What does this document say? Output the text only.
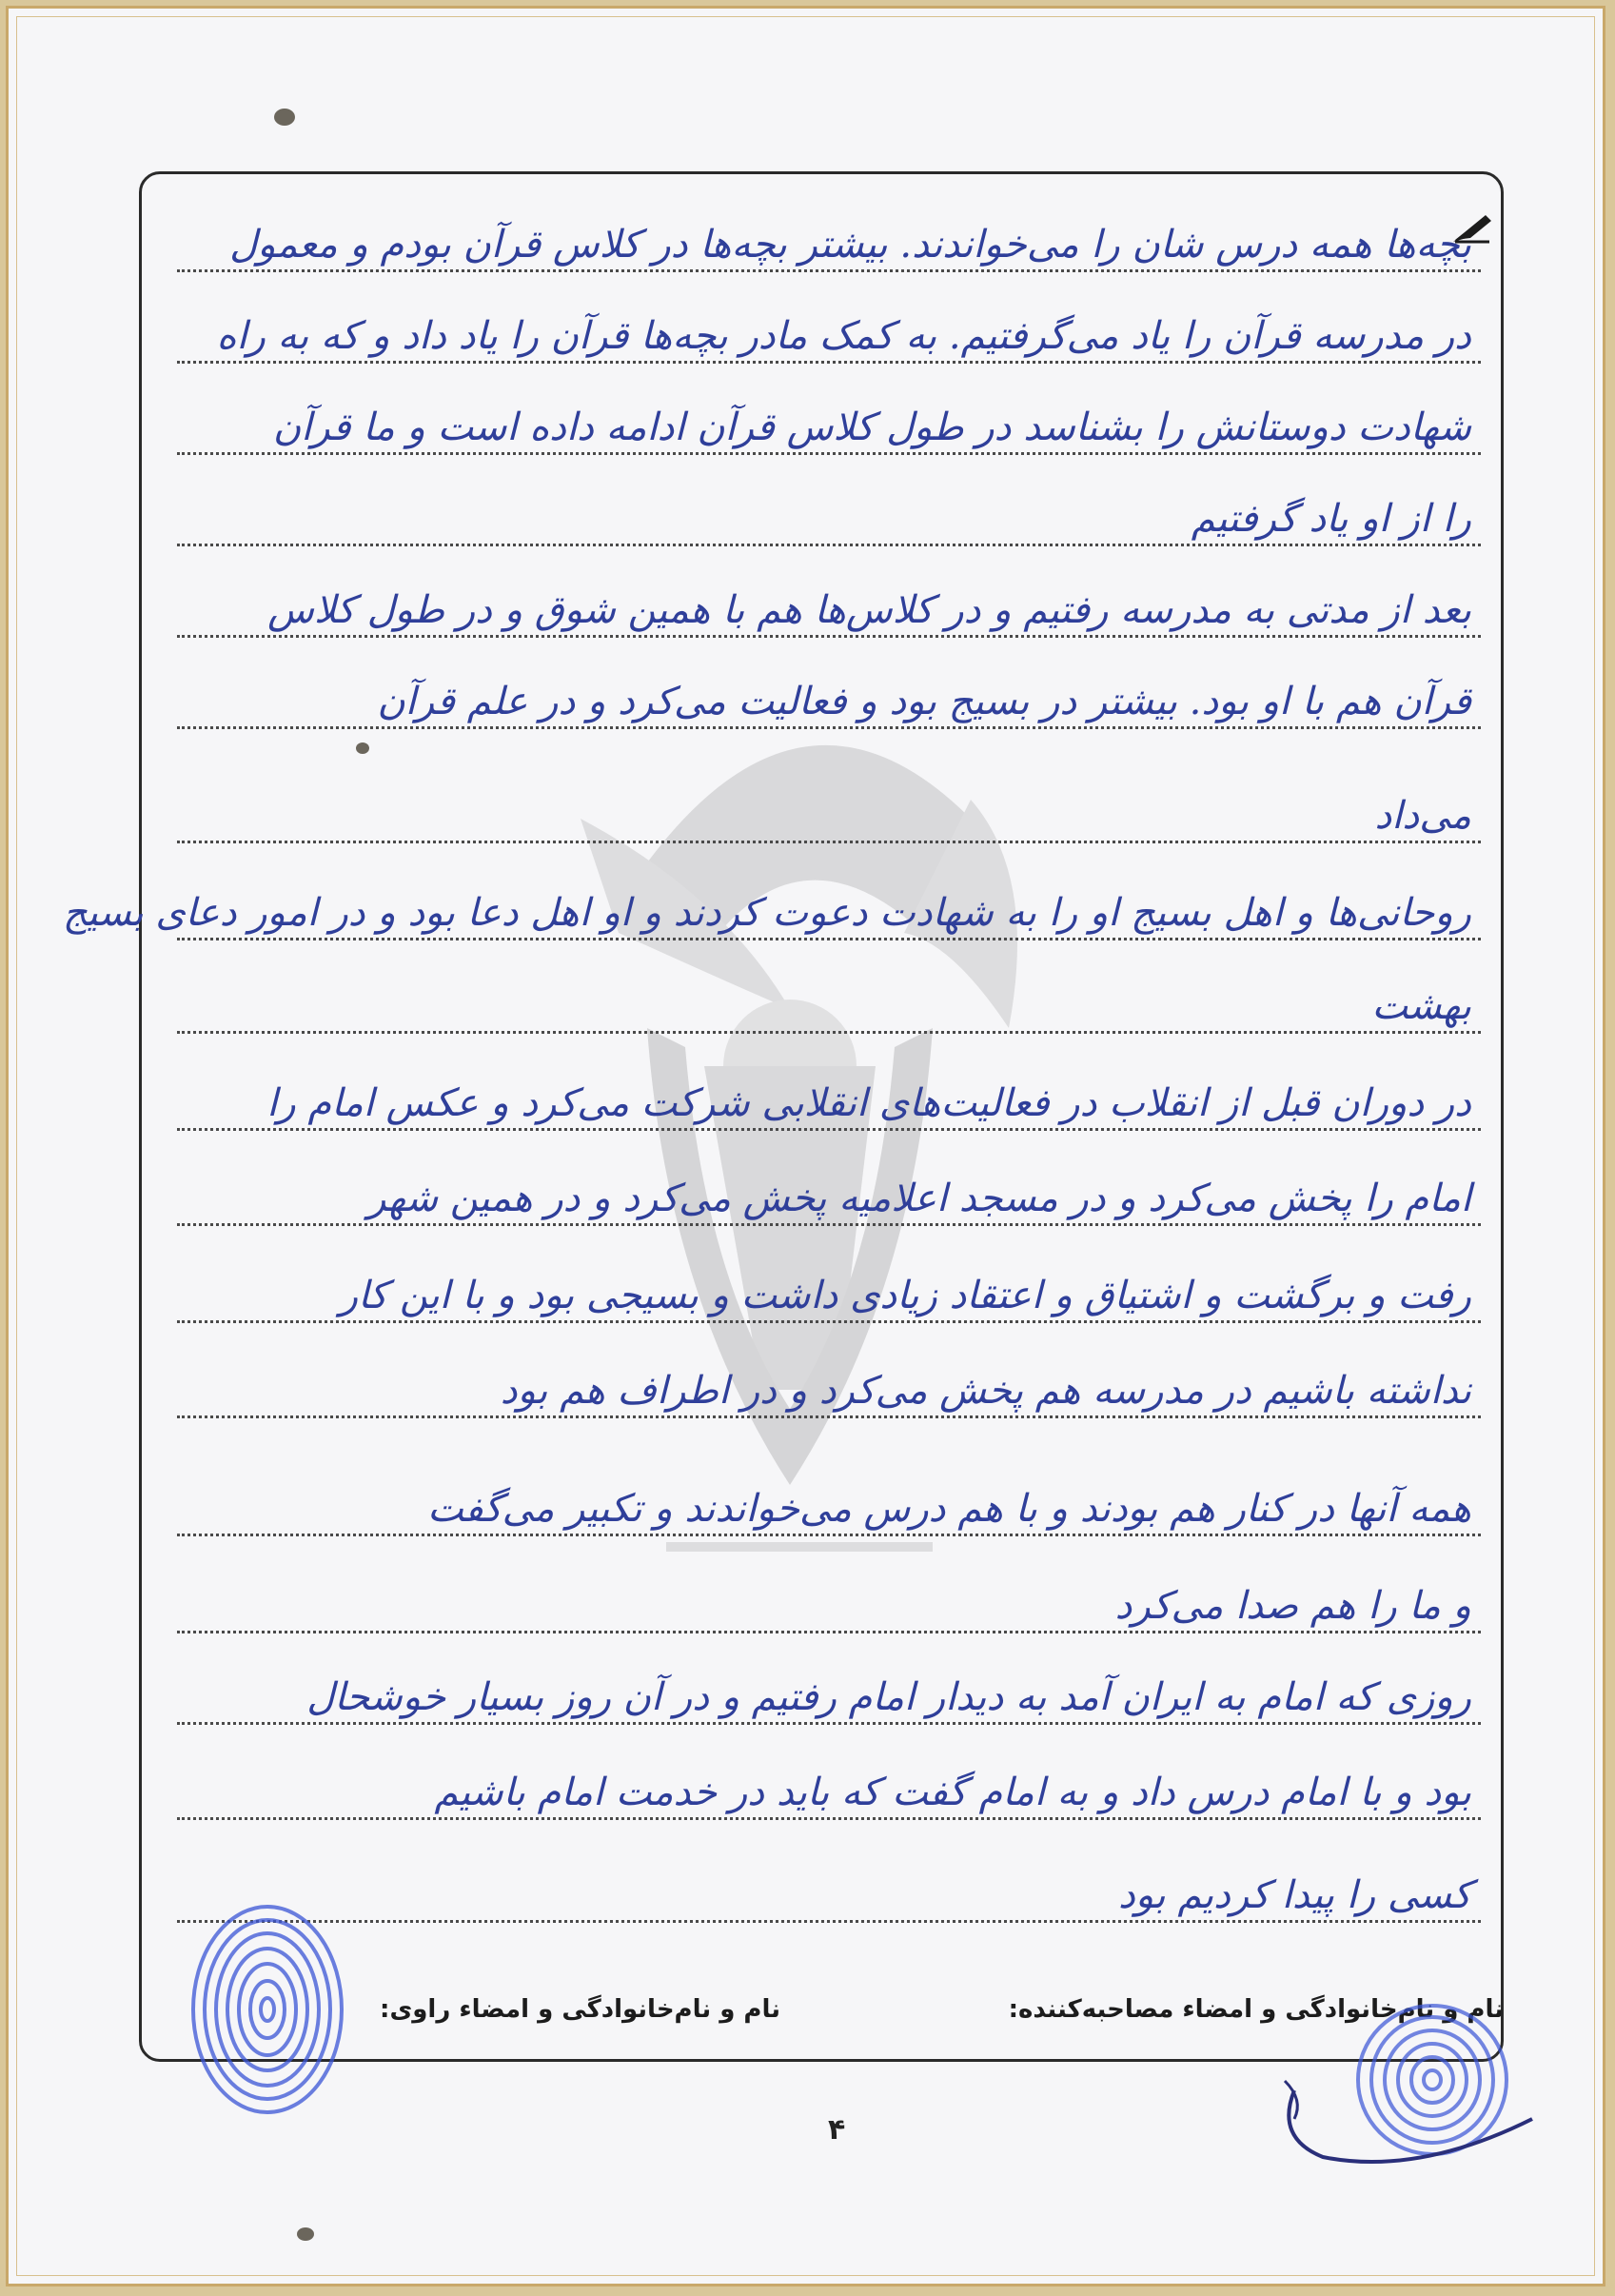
بچه‌ها همه درس شان را می‌خواندند. بیشتر بچه‌ها در کلاس قرآن بودم و معمول
در مدرسه قرآن را یاد می‌گرفتیم. به کمک مادر بچه‌ها قرآن را یاد داد و که به راه
شهادت دوستانش را بشناسد در طول کلاس قرآن ادامه داده است و ما قرآن
را از او یاد گرفتیم
بعد از مدتی به مدرسه رفتیم و در کلاس‌ها هم با همین شوق و در طول کلاس
قرآن هم با او بود. بیشتر در بسیج بود و فعالیت می‌کرد و در علم قرآن
می‌داد
روحانی‌ها و اهل بسیج او را به شهادت دعوت کردند و او اهل دعا بود و در امور دعای بسیج
بهشت
در دوران قبل از انقلاب در فعالیت‌های انقلابی شرکت می‌کرد و عکس امام را
امام را پخش می‌کرد و در مسجد اعلامیه پخش می‌کرد و در همین شهر
رفت و برگشت و اشتیاق و اعتقاد زیادی داشت و بسیجی بود و با این کار
نداشته باشیم در مدرسه هم پخش می‌کرد و در اطراف هم بود
همه آنها در کنار هم بودند و با هم درس می‌خواندند و تکبیر می‌گفت
و ما را هم صدا می‌کرد
روزی که امام به ایران آمد به دیدار امام رفتیم و در آن روز بسیار خوشحال
بود و با امام درس داد و به امام گفت که باید در خدمت امام باشیم
کسی را پیدا کردیم بود
نام و نام‌خانوادگی و امضاء مصاحبه‌کننده:
نام و نام‌خانوادگی و امضاء راوی:
۴
